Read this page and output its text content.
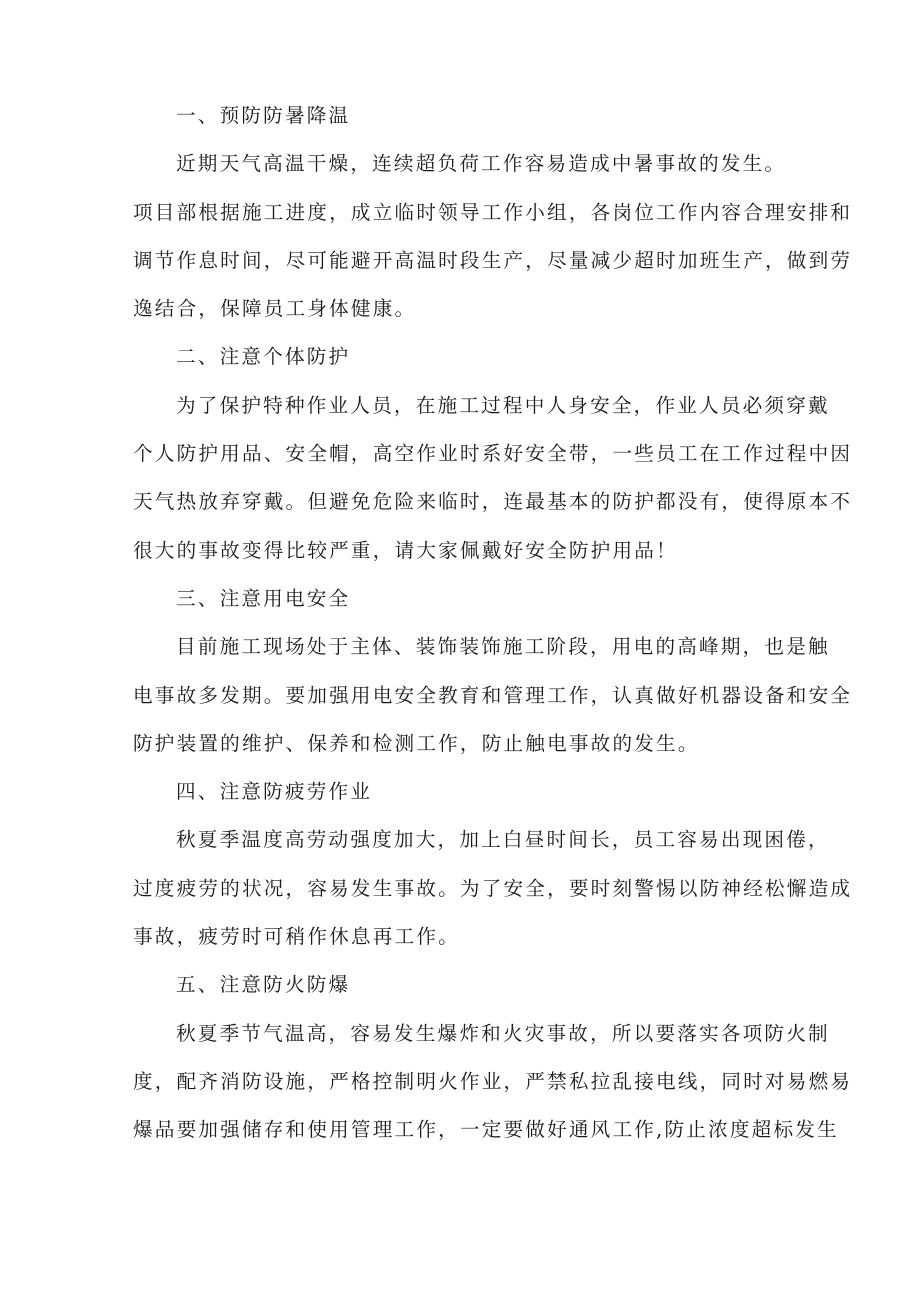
一、预防防暑降温
近期天气高温干燥，连续超负荷工作容易造成中暑事故的发生。
项目部根据施工进度，成立临时领导工作小组，各岗位工作内容合理安排和
调节作息时间，尽可能避开高温时段生产，尽量减少超时加班生产，做到劳
逸结合，保障员工身体健康。
二、注意个体防护
为了保护特种作业人员，在施工过程中人身安全，作业人员必须穿戴
个人防护用品、安全帽，高空作业时系好安全带，一些员工在工作过程中因
天气热放弃穿戴。但避免危险来临时，连最基本的防护都没有，使得原本不
很大的事故变得比较严重，请大家佩戴好安全防护用品！
三、注意用电安全
目前施工现场处于主体、装饰装饰施工阶段，用电的高峰期，也是触
电事故多发期。要加强用电安全教育和管理工作，认真做好机器设备和安全
防护装置的维护、保养和检测工作，防止触电事故的发生。
四、注意防疲劳作业
秋夏季温度高劳动强度加大，加上白昼时间长，员工容易出现困倦，
过度疲劳的状况，容易发生事故。为了安全，要时刻警惕以防神经松懈造成
事故，疲劳时可稍作休息再工作。
五、注意防火防爆
秋夏季节气温高，容易发生爆炸和火灾事故，所以要落实各项防火制
度，配齐消防设施，严格控制明火作业，严禁私拉乱接电线，同时对易燃易
爆品要加强储存和使用管理工作，一定要做好通风工作,防止浓度超标发生
